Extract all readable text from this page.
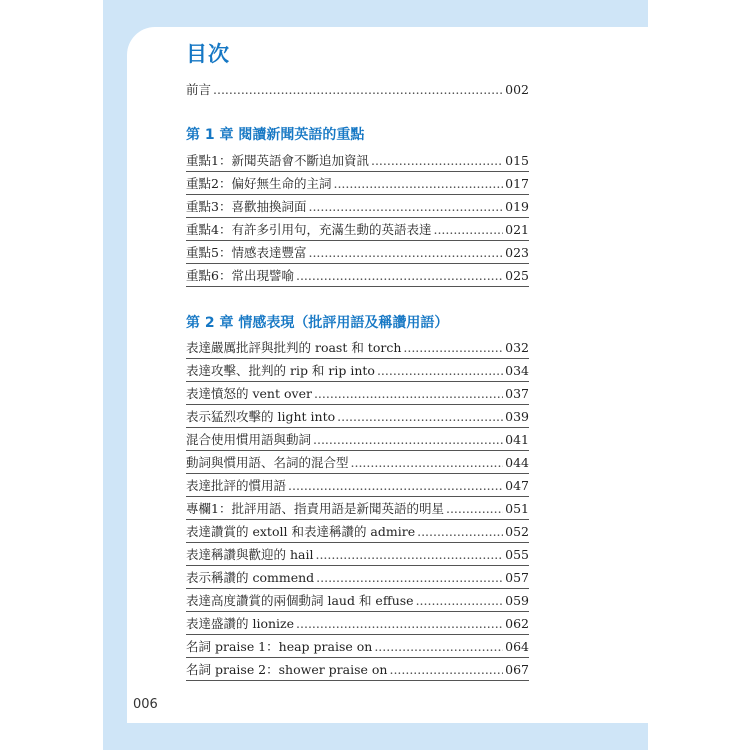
目次
前言 .....	002
第 1 章 閱讀新聞英語的重點
重點1：新聞英語會不斷追加資訊 .....	015
重點2：偏好無生命的主詞 .....	017
重點3：喜歡抽換詞面 .....	019
重點4：有許多引用句，充滿生動的英語表達 .....	021
重點5：情感表達豐富 .....	023
重點6：常出現譬喻 .....	025
第 2 章 情感表現（批評用語及稱讚用語）
表達嚴厲批評與批判的 roast 和 torch .....	032
表達攻擊、批判的 rip 和 rip into .....	034
表達憤怒的 vent over .....	037
表示猛烈攻擊的 light into .....	039
混合使用慣用語與動詞 .....	041
動詞與慣用語、名詞的混合型 .....	044
表達批評的慣用語 .....	047
專欄1：批評用語、指責用語是新聞英語的明星 .....	051
表達讚賞的 extoll 和表達稱讚的 admire .....	052
表達稱讚與歡迎的 hail .....	055
表示稱讚的 commend .....	057
表達高度讚賞的兩個動詞 laud 和 effuse .....	059
表達盛讚的 lionize .....	062
名詞 praise 1：heap praise on .....	064
名詞 praise 2：shower praise on .....	067
006
